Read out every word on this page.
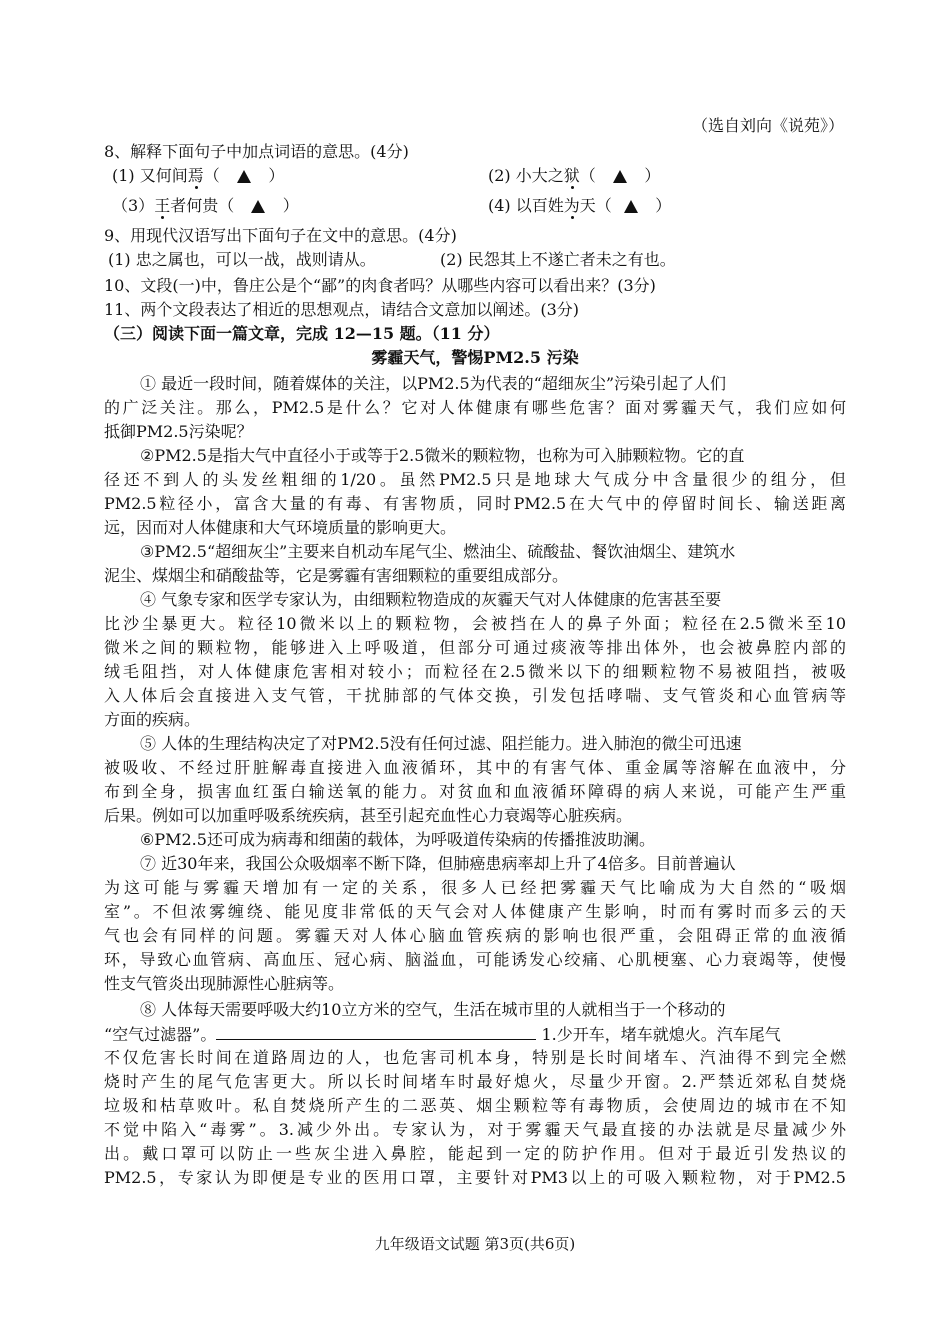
（选自刘向《说苑》）
8、解释下面句子中加点词语的意思。(4分)
(1) 又何间焉（	）	(2) 小大之狱（	）
（3）王者何贵（	）	(4) 以百姓为天（	）
9、用现代汉语写出下面句子在文中的意思。(4分)
(1) 忠之属也，可以一战，战则请从。	(2) 民怨其上不遂亡者未之有也。
10、文段(一)中，鲁庄公是个“鄙”的肉食者吗？从哪些内容可以看出来？(3分)
11、两个文段表达了相近的思想观点，请结合文意加以阐述。(3分)
（三）阅读下面一篇文章，完成 12—15 题。（11 分）
雾霾天气，警惕PM2.5 污染
① 最近一段时间，随着媒体的关注，以PM2.5为代表的“超细灰尘”污染引起了人们
的广泛关注。那么，PM2.5是什么？它对人体健康有哪些危害？面对雾霾天气，我们应如何
抵御PM2.5污染呢？
②PM2.5是指大气中直径小于或等于2.5微米的颗粒物，也称为可入肺颗粒物。它的直
径还不到人的头发丝粗细的1/20。虽然PM2.5只是地球大气成分中含量很少的组分，但
PM2.5粒径小，富含大量的有毒、有害物质，同时PM2.5在大气中的停留时间长、输送距离
远，因而对人体健康和大气环境质量的影响更大。
③PM2.5“超细灰尘”主要来自机动车尾气尘、燃油尘、硫酸盐、餐饮油烟尘、建筑水
泥尘、煤烟尘和硝酸盐等，它是雾霾有害细颗粒的重要组成部分。
④ 气象专家和医学专家认为，由细颗粒物造成的灰霾天气对人体健康的危害甚至要
比沙尘暴更大。粒径10微米以上的颗粒物，会被挡在人的鼻子外面；粒径在2.5微米至10
微米之间的颗粒物，能够进入上呼吸道，但部分可通过痰液等排出体外，也会被鼻腔内部的
绒毛阻挡，对人体健康危害相对较小；而粒径在2.5微米以下的细颗粒物不易被阻挡，被吸
入人体后会直接进入支气管，干扰肺部的气体交换，引发包括哮喘、支气管炎和心血管病等
方面的疾病。
⑤ 人体的生理结构决定了对PM2.5没有任何过滤、阻拦能力。进入肺泡的微尘可迅速
被吸收、不经过肝脏解毒直接进入血液循环，其中的有害气体、重金属等溶解在血液中，分
布到全身，损害血红蛋白输送氧的能力。对贫血和血液循环障碍的病人来说，可能产生严重
后果。例如可以加重呼吸系统疾病，甚至引起充血性心力衰竭等心脏疾病。
⑥PM2.5还可成为病毒和细菌的载体，为呼吸道传染病的传播推波助澜。
⑦ 近30年来，我国公众吸烟率不断下降，但肺癌患病率却上升了4倍多。目前普遍认
为这可能与雾霾天增加有一定的关系，很多人已经把雾霾天气比喻成为大自然的“吸烟
室”。不但浓雾缠绕、能见度非常低的天气会对人体健康产生影响，时而有雾时而多云的天
气也会有同样的问题。雾霾天对人体心脑血管疾病的影响也很严重，会阻碍正常的血液循
环，导致心血管病、高血压、冠心病、脑溢血，可能诱发心绞痛、心肌梗塞、心力衰竭等，使慢
性支气管炎出现肺源性心脏病等。
⑧ 人体每天需要呼吸大约10立方米的空气，生活在城市里的人就相当于一个移动的
“空气过滤器”。	1.少开车，堵车就熄火。汽车尾气
不仅危害长时间在道路周边的人，也危害司机本身，特别是长时间堵车、汽油得不到完全燃
烧时产生的尾气危害更大。所以长时间堵车时最好熄火，尽量少开窗。2.严禁近郊私自焚烧
垃圾和枯草败叶。私自焚烧所产生的二恶英、烟尘颗粒等有毒物质，会使周边的城市在不知
不觉中陷入“毒雾”。3.减少外出。专家认为，对于雾霾天气最直接的办法就是尽量减少外
出。戴口罩可以防止一些灰尘进入鼻腔，能起到一定的防护作用。但对于最近引发热议的
PM2.5，专家认为即便是专业的医用口罩，主要针对PM3以上的可吸入颗粒物，对于PM2.5
九年级语文试题 第3页(共6页)
